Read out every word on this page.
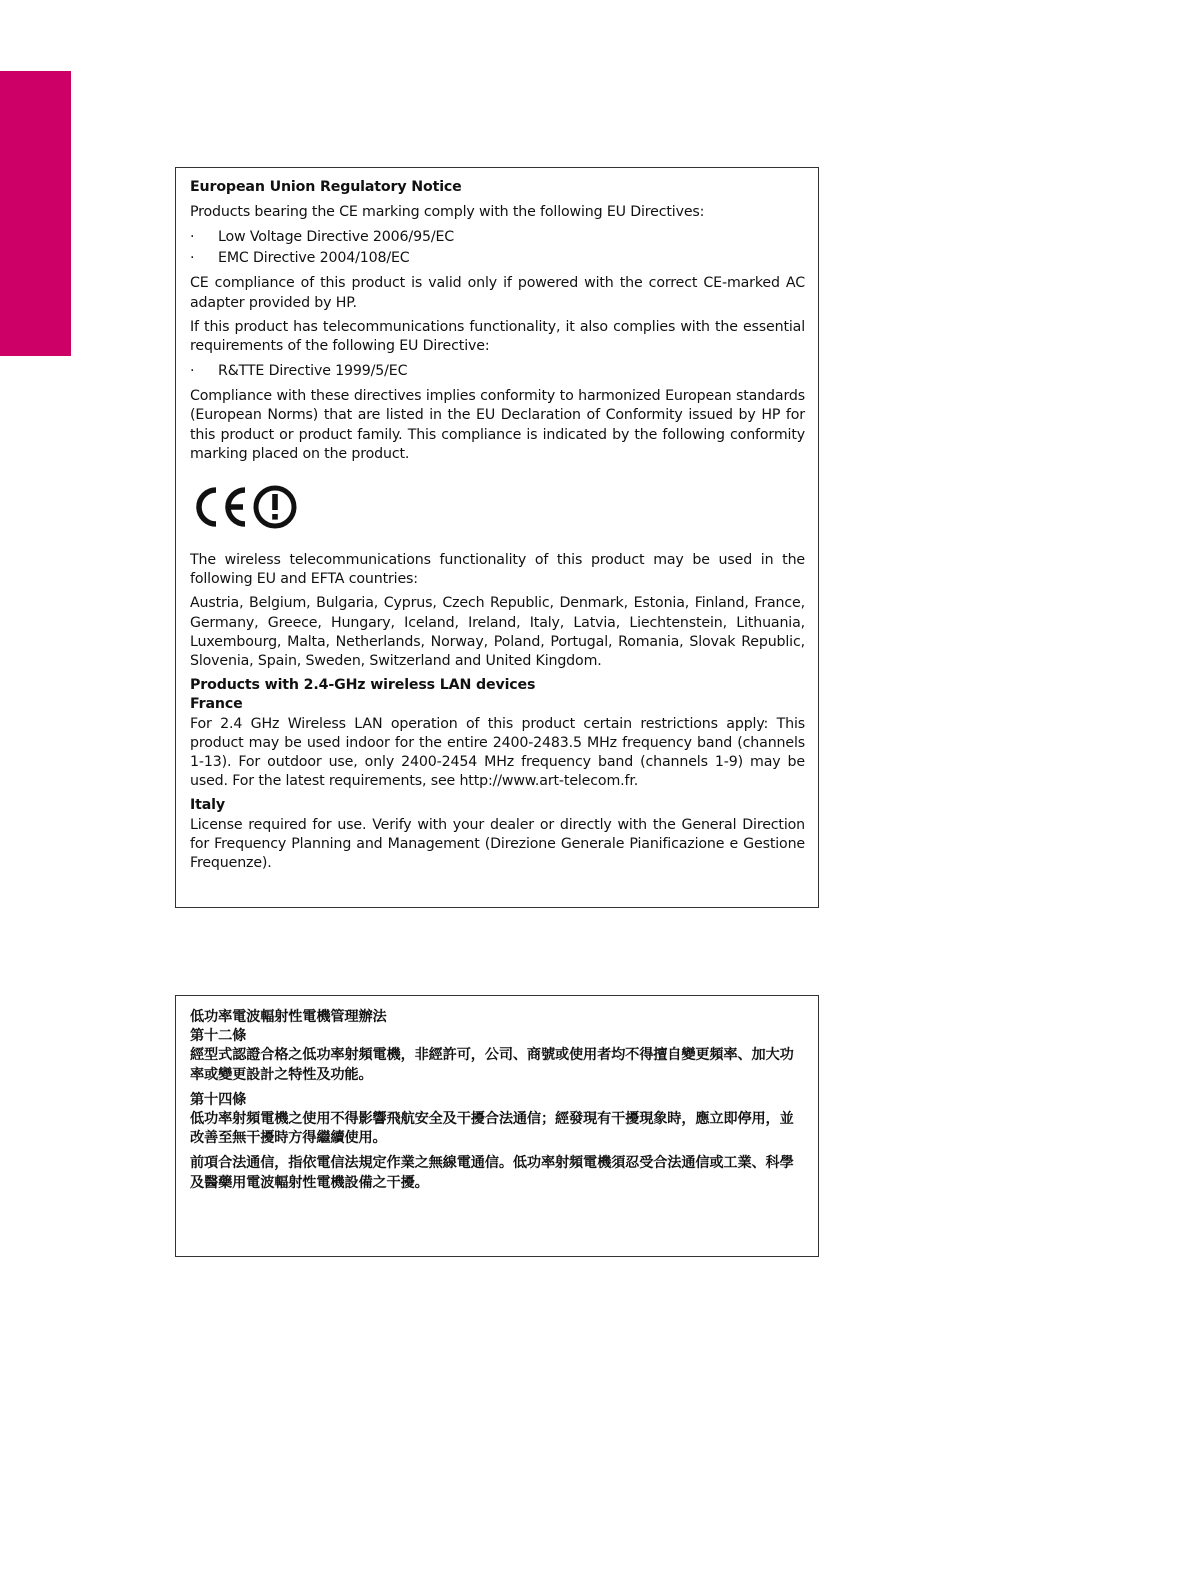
European Union Regulatory Notice

Products bearing the CE marking comply with the following EU Directives:

· Low Voltage Directive 2006/95/EC
· EMC Directive 2004/108/EC

CE compliance of this product is valid only if powered with the correct CE-marked AC adapter provided by HP.

If this product has telecommunications functionality, it also complies with the essential requirements of the following EU Directive:

· R&TTE Directive 1999/5/EC

Compliance with these directives implies conformity to harmonized European standards (European Norms) that are listed in the EU Declaration of Conformity issued by HP for this product or product family. This compliance is indicated by the following conformity marking placed on the product.

The wireless telecommunications functionality of this product may be used in the following EU and EFTA countries:

Austria, Belgium, Bulgaria, Cyprus, Czech Republic, Denmark, Estonia, Finland, France, Germany, Greece, Hungary, Iceland, Ireland, Italy, Latvia, Liechtenstein, Lithuania, Luxembourg, Malta, Netherlands, Norway, Poland, Portugal, Romania, Slovak Republic, Slovenia, Spain, Sweden, Switzerland and United Kingdom.

Products with 2.4-GHz wireless LAN devices

France

For 2.4 GHz Wireless LAN operation of this product certain restrictions apply: This product may be used indoor for the entire 2400-2483.5 MHz frequency band (channels 1-13). For outdoor use, only 2400-2454 MHz frequency band (channels 1-9) may be used. For the latest requirements, see http://www.art-telecom.fr.

Italy

License required for use. Verify with your dealer or directly with the General Direction for Frequency Planning and Management (Direzione Generale Pianificazione e Gestione Frequenze).

低功率電波輻射性電機管理辦法

第十二條

經型式認證合格之低功率射頻電機，非經許可，公司、商號或使用者均不得擅自變更頻率、加大功率或變更設計之特性及功能。

第十四條

低功率射頻電機之使用不得影響飛航安全及干擾合法通信；經發現有干擾現象時，應立即停用，並改善至無干擾時方得繼續使用。

前項合法通信，指依電信法規定作業之無線電通信。低功率射頻電機須忍受合法通信或工業、科學及醫藥用電波輻射性電機設備之干擾。
